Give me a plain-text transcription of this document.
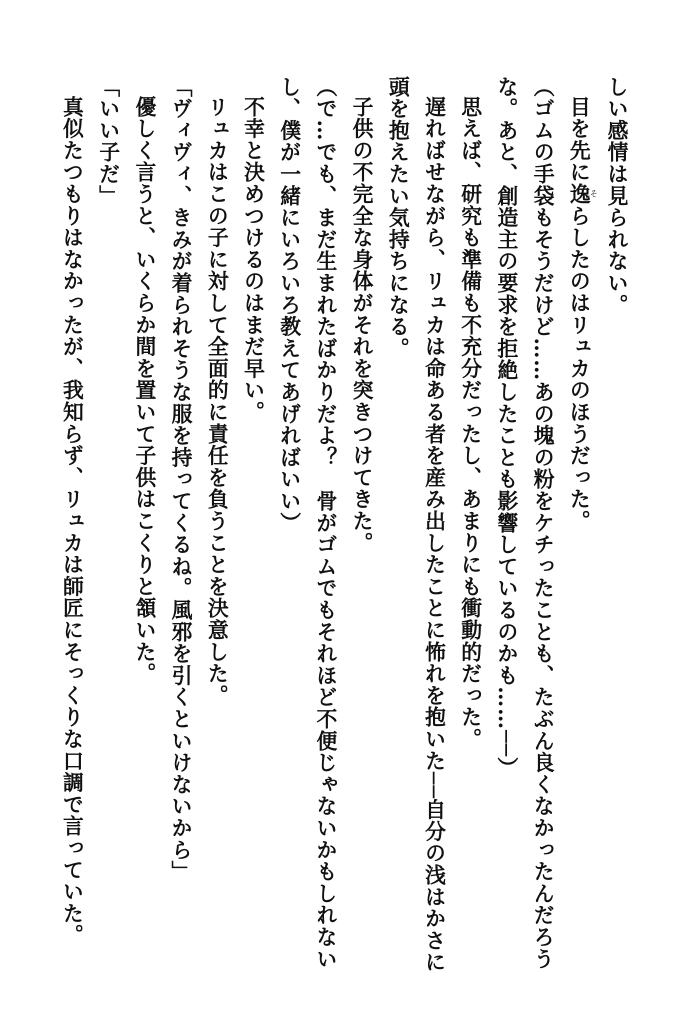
しい感情は見られない。
目を先に逸そらしたのはリュカのほうだった。
（ゴムの手袋もそうだけど……あの塊の粉をケチったことも、たぶん良くなかったんだろう
な。あと、創造主の要求を拒絶したことも影響しているのかも……──）
思えば、研究も準備も不充分だったし、あまりにも衝動的だった。
遅ればせながら、リュカは命ある者を産み出したことに怖れを抱いた──自分の浅はかさに
頭を抱えたい気持ちになる。
子供の不完全な身体がそれを突きつけてきた。
（で…でも、まだ生まれたばかりだよ？　骨がゴムでもそれほど不便じゃないかもしれない
し、僕が一緒にいろいろ教えてあげればいい）
不幸と決めつけるのはまだ早い。
リュカはこの子に対して全面的に責任を負うことを決意した。
「ヴィヴィ、きみが着られそうな服を持ってくるね。風邪を引くといけないから」
優しく言うと、いくらか間を置いて子供はこくりと頷いた。
「いい子だ」
真似たつもりはなかったが、我知らず、リュカは師匠にそっくりな口調で言っていた。
